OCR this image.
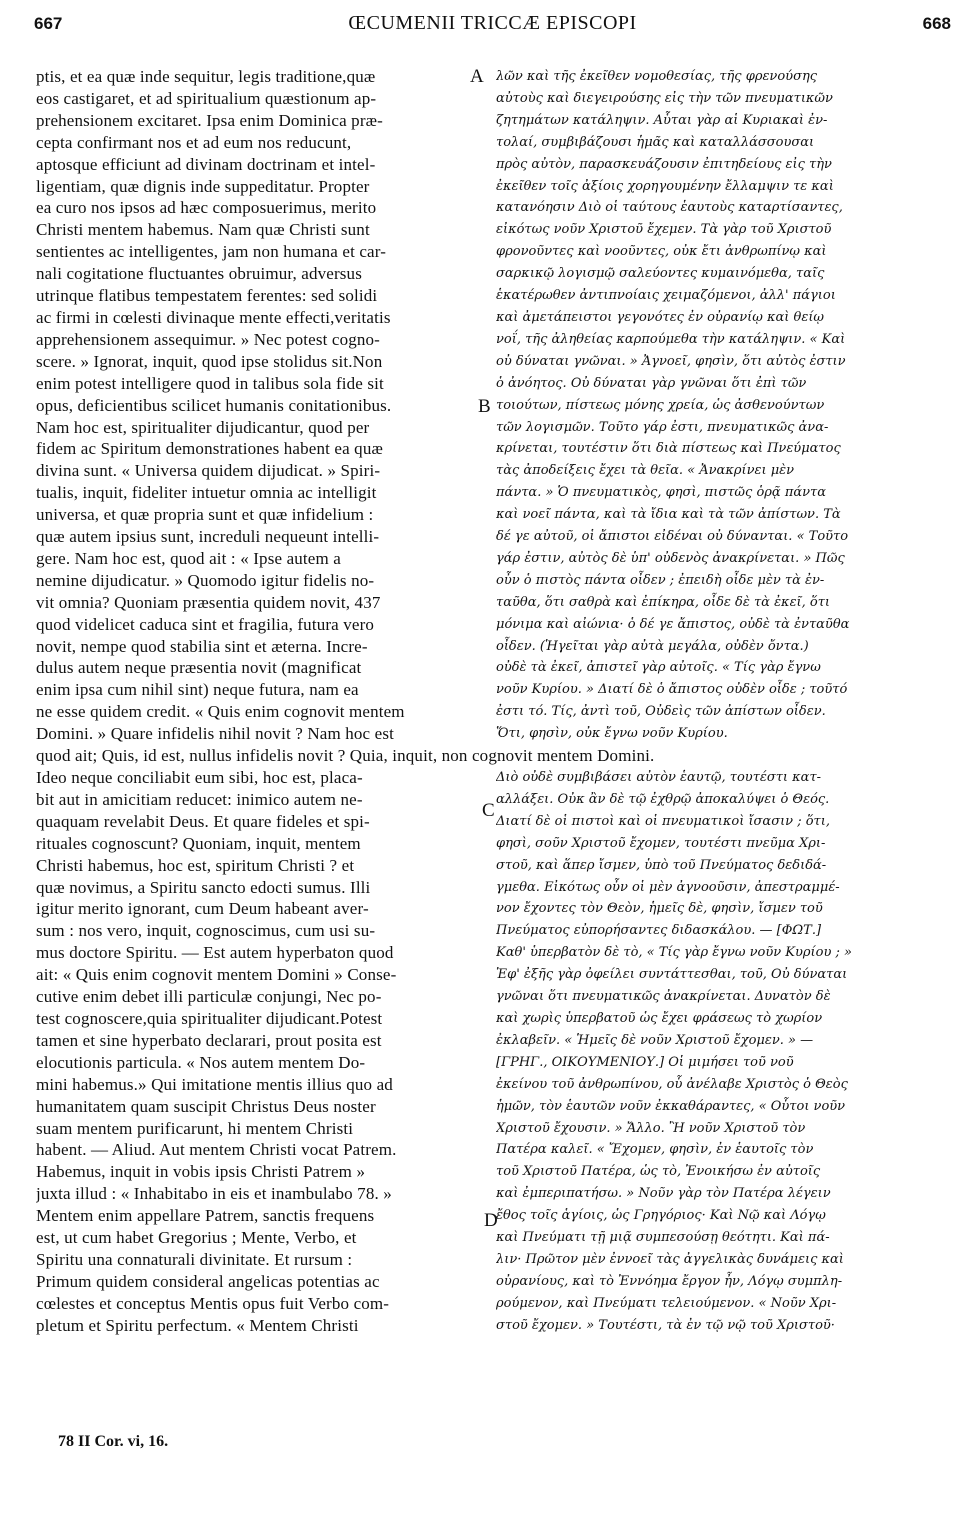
667	ŒCUMENII TRICCÆ EPISCOPI	668
A
B
C
D
ptis, et ea quæ inde sequitur, legis traditione,quæ
eos castigaret, et ad spiritualium quæstionum ap-
prehensionem excitaret. Ipsa enim Dominica præ-
cepta confirmant nos et ad eum nos reducunt,
aptosque efficiunt ad divinam doctrinam et intel-
ligentiam, quæ dignis inde suppeditatur. Propter
ea curo nos ipsos ad hæc composuerimus, merito
Christi mentem habemus. Nam quæ Christi sunt
sentientes ac intelligentes, jam non humana et car-
nali cogitatione fluctuantes obruimur, adversus
utrinque flatibus tempestatem ferentes: sed solidi
ac firmi in cœlesti divinaque mente effecti,veritatis
apprehensionem assequimur. » Nec potest cogno-
scere. » Ignorat, inquit, quod ipse stolidus sit.Non
enim potest intelligere quod in talibus sola fide sit
opus, deficientibus scilicet humanis conitationibus.
Nam hoc est, spiritualiter dijudicantur, quod per
fidem ac Spiritum demonstrationes habent ea quæ
divina sunt. « Universa quidem dijudicat. » Spiri-
tualis, inquit, fideliter intuetur omnia ac intelligit
universa, et quæ propria sunt et quæ infidelium :
quæ autem ipsius sunt, increduli nequeunt intelli-
gere. Nam hoc est, quod ait : « Ipse autem a
nemine dijudicatur. » Quomodo igitur fidelis no-
vit omnia? Quoniam præsentia quidem novit, 437
quod videlicet caduca sint et fragilia, futura vero
novit, nempe quod stabilia sint et æterna. Incre-
dulus autem neque præsentia novit (magnificat
enim ipsa cum nihil sint) neque futura, nam ea
ne esse quidem credit. « Quis enim cognovit mentem
Domini. » Quare infidelis nihil novit ? Nam hoc est
quod ait; Quis, id est, nullus infidelis novit ? Quia, inquit, non cognovit mentem Domini.
Ideo neque conciliabit eum sibi, hoc est, placa-
bit aut in amicitiam reducet: inimico autem ne-
quaquam revelabit Deus. Et quare fideles et spi-
rituales cognoscunt? Quoniam, inquit, mentem
Christi habemus, hoc est, spiritum Christi ? et
quæ novimus, a Spiritu sancto edocti sumus. Illi
igitur merito ignorant, cum Deum habeant aver-
sum : nos vero, inquit, cognoscimus, cum usi su-
mus doctore Spiritu. — Est autem hyperbaton quod
ait: « Quis enim cognovit mentem Domini » Conse-
cutive enim debet illi particulæ conjungi, Nec po-
test cognoscere,quia spiritualiter dijudicant.Potest
tamen et sine hyperbato declarari, prout posita est
elocutionis particula. « Nos autem mentem Do-
mini habemus.» Qui imitatione mentis illius quo ad
humanitatem quam suscipit Christus Deus noster
suam mentem purificarunt, hi mentem Christi
habent. — Aliud. Aut mentem Christi vocat Patrem.
Habemus, inquit in vobis ipsis Christi Patrem »
juxta illud : « Inhabitabo in eis et inambulabo 78. »
Mentem enim appellare Patrem, sanctis frequens
est, ut cum habet Gregorius ; Mente, Verbo, et
Spiritu una connaturali divinitate. Et rursum :
Primum quidem consideral angelicas potentias ac
cœlestes et conceptus Mentis opus fuit Verbo com-
pletum et Spiritu perfectum. « Mentem Christi
λῶν καὶ τῆς ἐκεῖθεν νομοθεσίας, τῆς φρενούσης
αὐτοὺς καὶ διεγειρούσης εἰς τὴν τῶν πνευματικῶν
ζητημάτων κατάληψιν. Αὗται γὰρ αἱ Κυριακαὶ ἐν-
τολαί, συμβιβάζουσι ἡμᾶς καὶ καταλλάσσουσαι
πρὸς αὐτὸν, παρασκευάζουσιν ἐπιτηδείους εἰς τὴν
ἐκεῖθεν τοῖς ἀξίοις χορηγουμένην ἔλλαμψιν τε καὶ
κατανόησιν Διὸ οἱ ταύτους ἑαυτοὺς καταρτίσαντες,
εἰκότως νοῦν Χριστοῦ ἔχεμεν. Τὰ γὰρ τοῦ Χριστοῦ
φρονοῦντες καὶ νοοῦντες, οὐκ ἔτι ἀνθρωπίνῳ καὶ
σαρκικῷ λογισμῷ σαλεύοντες κυμαινόμεθα, ταῖς
ἑκατέρωθεν ἀντιπνοίαις χειμαζόμενοι, ἀλλ' πάγιοι
καὶ ἀμετάπειστοι γεγονότες ἐν οὐρανίῳ καὶ θείῳ
νοΐ, τῆς ἀληθείας καρπούμεθα τὴν κατάληψιν. « Καὶ
οὐ δύναται γνῶναι. » Ἀγνοεῖ, φησὶν, ὅτι αὐτὸς ἐστιν
ὁ ἀνόητος. Οὐ δύναται γὰρ γνῶναι ὅτι ἐπὶ τῶν
τοιούτων, πίστεως μόνης χρεία, ὡς ἀσθενούντων
τῶν λογισμῶν. Τοῦτο γάρ ἐστι, πνευματικῶς ἀνα-
κρίνεται, τουτέστιν ὅτι διὰ πίστεως καὶ Πνεύματος
τὰς ἀποδείξεις ἔχει τὰ θεῖα. « Ἀνακρίνει μὲν
πάντα. » Ὁ πνευματικὸς, φησὶ, πιστῶς ὁρᾷ πάντα
καὶ νοεῖ πάντα, καὶ τὰ ἴδια καὶ τὰ τῶν ἀπίστων. Τὰ
δέ γε αὐτοῦ, οἱ ἄπιστοι εἰδέναι οὐ δύνανται. « Τοῦτο
γάρ ἐστιν, αὐτὸς δὲ ὑπ' οὐδενὸς ἀνακρίνεται. » Πῶς
οὖν ὁ πιστὸς πάντα οἶδεν ; ἐπειδὴ οἶδε μὲν τὰ ἐν-
ταῦθα, ὅτι σαθρὰ καὶ ἐπίκηρα, οἶδε δὲ τὰ ἐκεῖ, ὅτι
μόνιμα καὶ αἰώνια· ὁ δέ γε ἄπιστος, οὐδὲ τὰ ἐνταῦθα
οἶδεν. (Ἡγεῖται γὰρ αὐτὰ μεγάλα, οὐδὲν ὄντα.)
οὐδὲ τὰ ἐκεῖ, ἀπιστεῖ γὰρ αὐτοῖς. « Τίς γὰρ ἔγνω
νοῦν Κυρίου. » Διατί δὲ ὁ ἄπιστος οὐδὲν οἶδε ; τοῦτό
ἐστι τό. Τίς, ἀντὶ τοῦ, Οὐδεὶς τῶν ἀπίστων οἶδεν.
Ὅτι, φησὶν, οὐκ ἔγνω νοῦν Κυρίου.

Διὸ οὐδὲ συμβιβάσει αὐτὸν ἑαυτῷ, τουτέστι κατ-
αλλάξει. Οὐκ ἂν δὲ τῷ ἐχθρῷ ἀποκαλύψει ὁ Θεός.
Διατί δὲ οἱ πιστοὶ καὶ οἱ πνευματικοὶ ἴσασιν ; ὅτι,
φησὶ, σοῦν Χριστοῦ ἔχομεν, τουτέστι πνεῦμα Χρι-
στοῦ, καὶ ἅπερ ἴσμεν, ὑπὸ τοῦ Πνεύματος δεδιδά-
γμεθα. Εἰκότως οὖν οἱ μὲν ἀγνοοῦσιν, ἀπεστραμμέ-
νον ἔχοντες τὸν Θεὸν, ἡμεῖς δὲ, φησὶν, ἴσμεν τοῦ
Πνεύματος εὐπορήσαντες διδασκάλου. — [ΦΩΤ.]
Καθ' ὑπερβατὸν δὲ τὸ, « Τίς γὰρ ἔγνω νοῦν Κυρίου ; »
Ἐφ' ἐξῆς γὰρ ὀφείλει συντάττεσθαι, τοῦ, Οὐ δύναται
γνῶναι ὅτι πνευματικῶς ἀνακρίνεται. Δυνατὸν δὲ
καὶ χωρὶς ὑπερβατοῦ ὡς ἔχει φράσεως τὸ χωρίον
ἐκλαβεῖν. « Ἡμεῖς δὲ νοῦν Χριστοῦ ἔχομεν. » —
[ΓΡΗΓ., ΟΙΚΟΥΜΕΝΙΟΥ.] Οἱ μιμήσει τοῦ νοῦ
ἐκείνου τοῦ ἀνθρωπίνου, οὗ ἀνέλαβε Χριστὸς ὁ Θεὸς
ἡμῶν, τὸν ἑαυτῶν νοῦν ἐκκαθάραντες, « Οὗτοι νοῦν
Χριστοῦ ἔχουσιν. » Ἄλλο. Ἢ νοῦν Χριστοῦ τὸν
Πατέρα καλεῖ. « Ἔχομεν, φησὶν, ἐν ἑαυτοῖς τὸν
τοῦ Χριστοῦ Πατέρα, ὡς τὸ, Ἐνοικήσω ἐν αὐτοῖς
καὶ ἐμπεριπατήσω. » Νοῦν γὰρ τὸν Πατέρα λέγειν
ἔθος τοῖς ἁγίοις, ὡς Γρηγόριος· Καὶ Νῷ καὶ Λόγῳ
καὶ Πνεύματι τῇ μιᾷ συμπεσούσῃ θεότητι. Καὶ πά-
λιν· Πρῶτον μὲν ἐννοεῖ τὰς ἀγγελικὰς δυνάμεις καὶ
οὐρανίους, καὶ τὸ Ἐννόημα ἔργον ἦν, Λόγῳ συμπλη-
ρούμενον, καὶ Πνεύματι τελειούμενον. « Νοῦν Χρι-
στοῦ ἔχομεν. » Τουτέστι, τὰ ἐν τῷ νῷ τοῦ Χριστοῦ·
78 II Cor. vi, 16.
